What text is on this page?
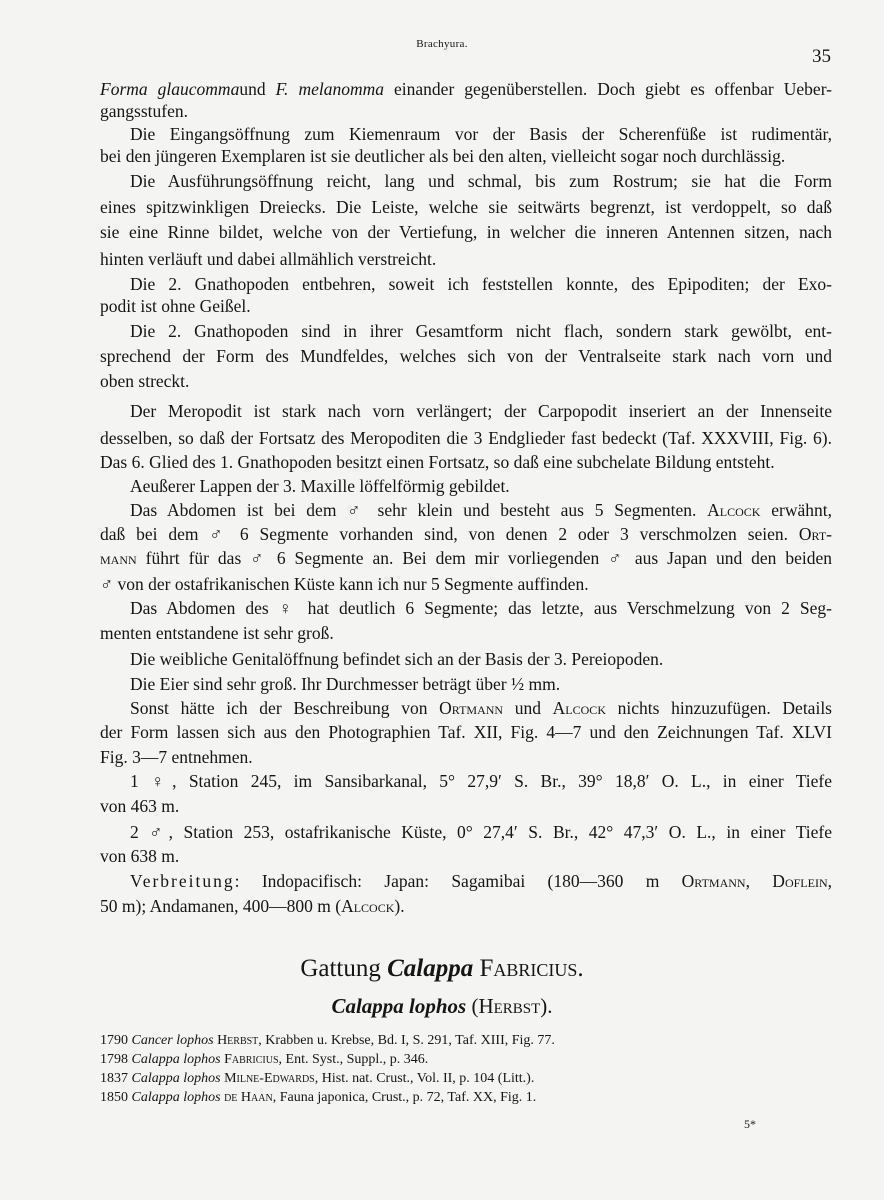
Brachyura.
35
Forma glaucommaund F. melanomma einander gegenüberstellen. Doch giebt es offenbar Ueber-
gangsstufen.
Die Eingangsöffnung zum Kiemenraum vor der Basis der Scherenfüße ist rudimentär,
bei den jüngeren Exemplaren ist sie deutlicher als bei den alten, vielleicht sogar noch durchlässig.
Die Ausführungsöffnung reicht, lang und schmal, bis zum Rostrum; sie hat die Form
eines spitzwinkligen Dreiecks. Die Leiste, welche sie seitwärts begrenzt, ist verdoppelt, so daß
sie eine Rinne bildet, welche von der Vertiefung, in welcher die inneren Antennen sitzen, nach
hinten verläuft und dabei allmählich verstreicht.
Die 2. Gnathopoden entbehren, soweit ich feststellen konnte, des Epipoditen; der Exo-
podit ist ohne Geißel.
Die 2. Gnathopoden sind in ihrer Gesamtform nicht flach, sondern stark gewölbt, ent-
sprechend der Form des Mundfeldes, welches sich von der Ventralseite stark nach vorn und
oben streckt.
Der Meropodit ist stark nach vorn verlängert; der Carpopodit inseriert an der Innenseite
desselben, so daß der Fortsatz des Meropoditen die 3 Endglieder fast bedeckt (Taf. XXXVIII, Fig. 6).
Das 6. Glied des 1. Gnathopoden besitzt einen Fortsatz, so daß eine subchelate Bildung entsteht.
Aeußerer Lappen der 3. Maxille löffelförmig gebildet.
Das Abdomen ist bei dem ♂ sehr klein und besteht aus 5 Segmenten. Alcock erwähnt,
daß bei dem ♂ 6 Segmente vorhanden sind, von denen 2 oder 3 verschmolzen seien. Ort-
mann führt für das ♂ 6 Segmente an. Bei dem mir vorliegenden ♂ aus Japan und den beiden
♂ von der ostafrikanischen Küste kann ich nur 5 Segmente auffinden.
Das Abdomen des ♀ hat deutlich 6 Segmente; das letzte, aus Verschmelzung von 2 Seg-
menten entstandene ist sehr groß.
Die weibliche Genitalöffnung befindet sich an der Basis der 3. Pereiopoden.
Die Eier sind sehr groß. Ihr Durchmesser beträgt über ½ mm.
Sonst hätte ich der Beschreibung von Ortmann und Alcock nichts hinzuzufügen. Details
der Form lassen sich aus den Photographien Taf. XII, Fig. 4—7 und den Zeichnungen Taf. XLVI
Fig. 3—7 entnehmen.
1 ♀, Station 245, im Sansibarkanal, 5° 27,9′ S. Br., 39° 18,8′ O. L., in einer Tiefe
von 463 m.
2 ♂, Station 253, ostafrikanische Küste, 0° 27,4′ S. Br., 42° 47,3′ O. L., in einer Tiefe
von 638 m.
Verbreitung: Indopacifisch: Japan: Sagamibai (180—360 m Ortmann, Doflein,
50 m); Andamanen, 400—800 m (Alcock).
Gattung Calappa Fabricius.
Calappa lophos (Herbst).
1790 Cancer lophos Herbst, Krabben u. Krebse, Bd. I, S. 291, Taf. XIII, Fig. 77.
1798 Calappa lophos Fabricius, Ent. Syst., Suppl., p. 346.
1837 Calappa lophos Milne-Edwards, Hist. nat. Crust., Vol. II, p. 104 (Litt.).
1850 Calappa lophos de Haan, Fauna japonica, Crust., p. 72, Taf. XX, Fig. 1.
5*
